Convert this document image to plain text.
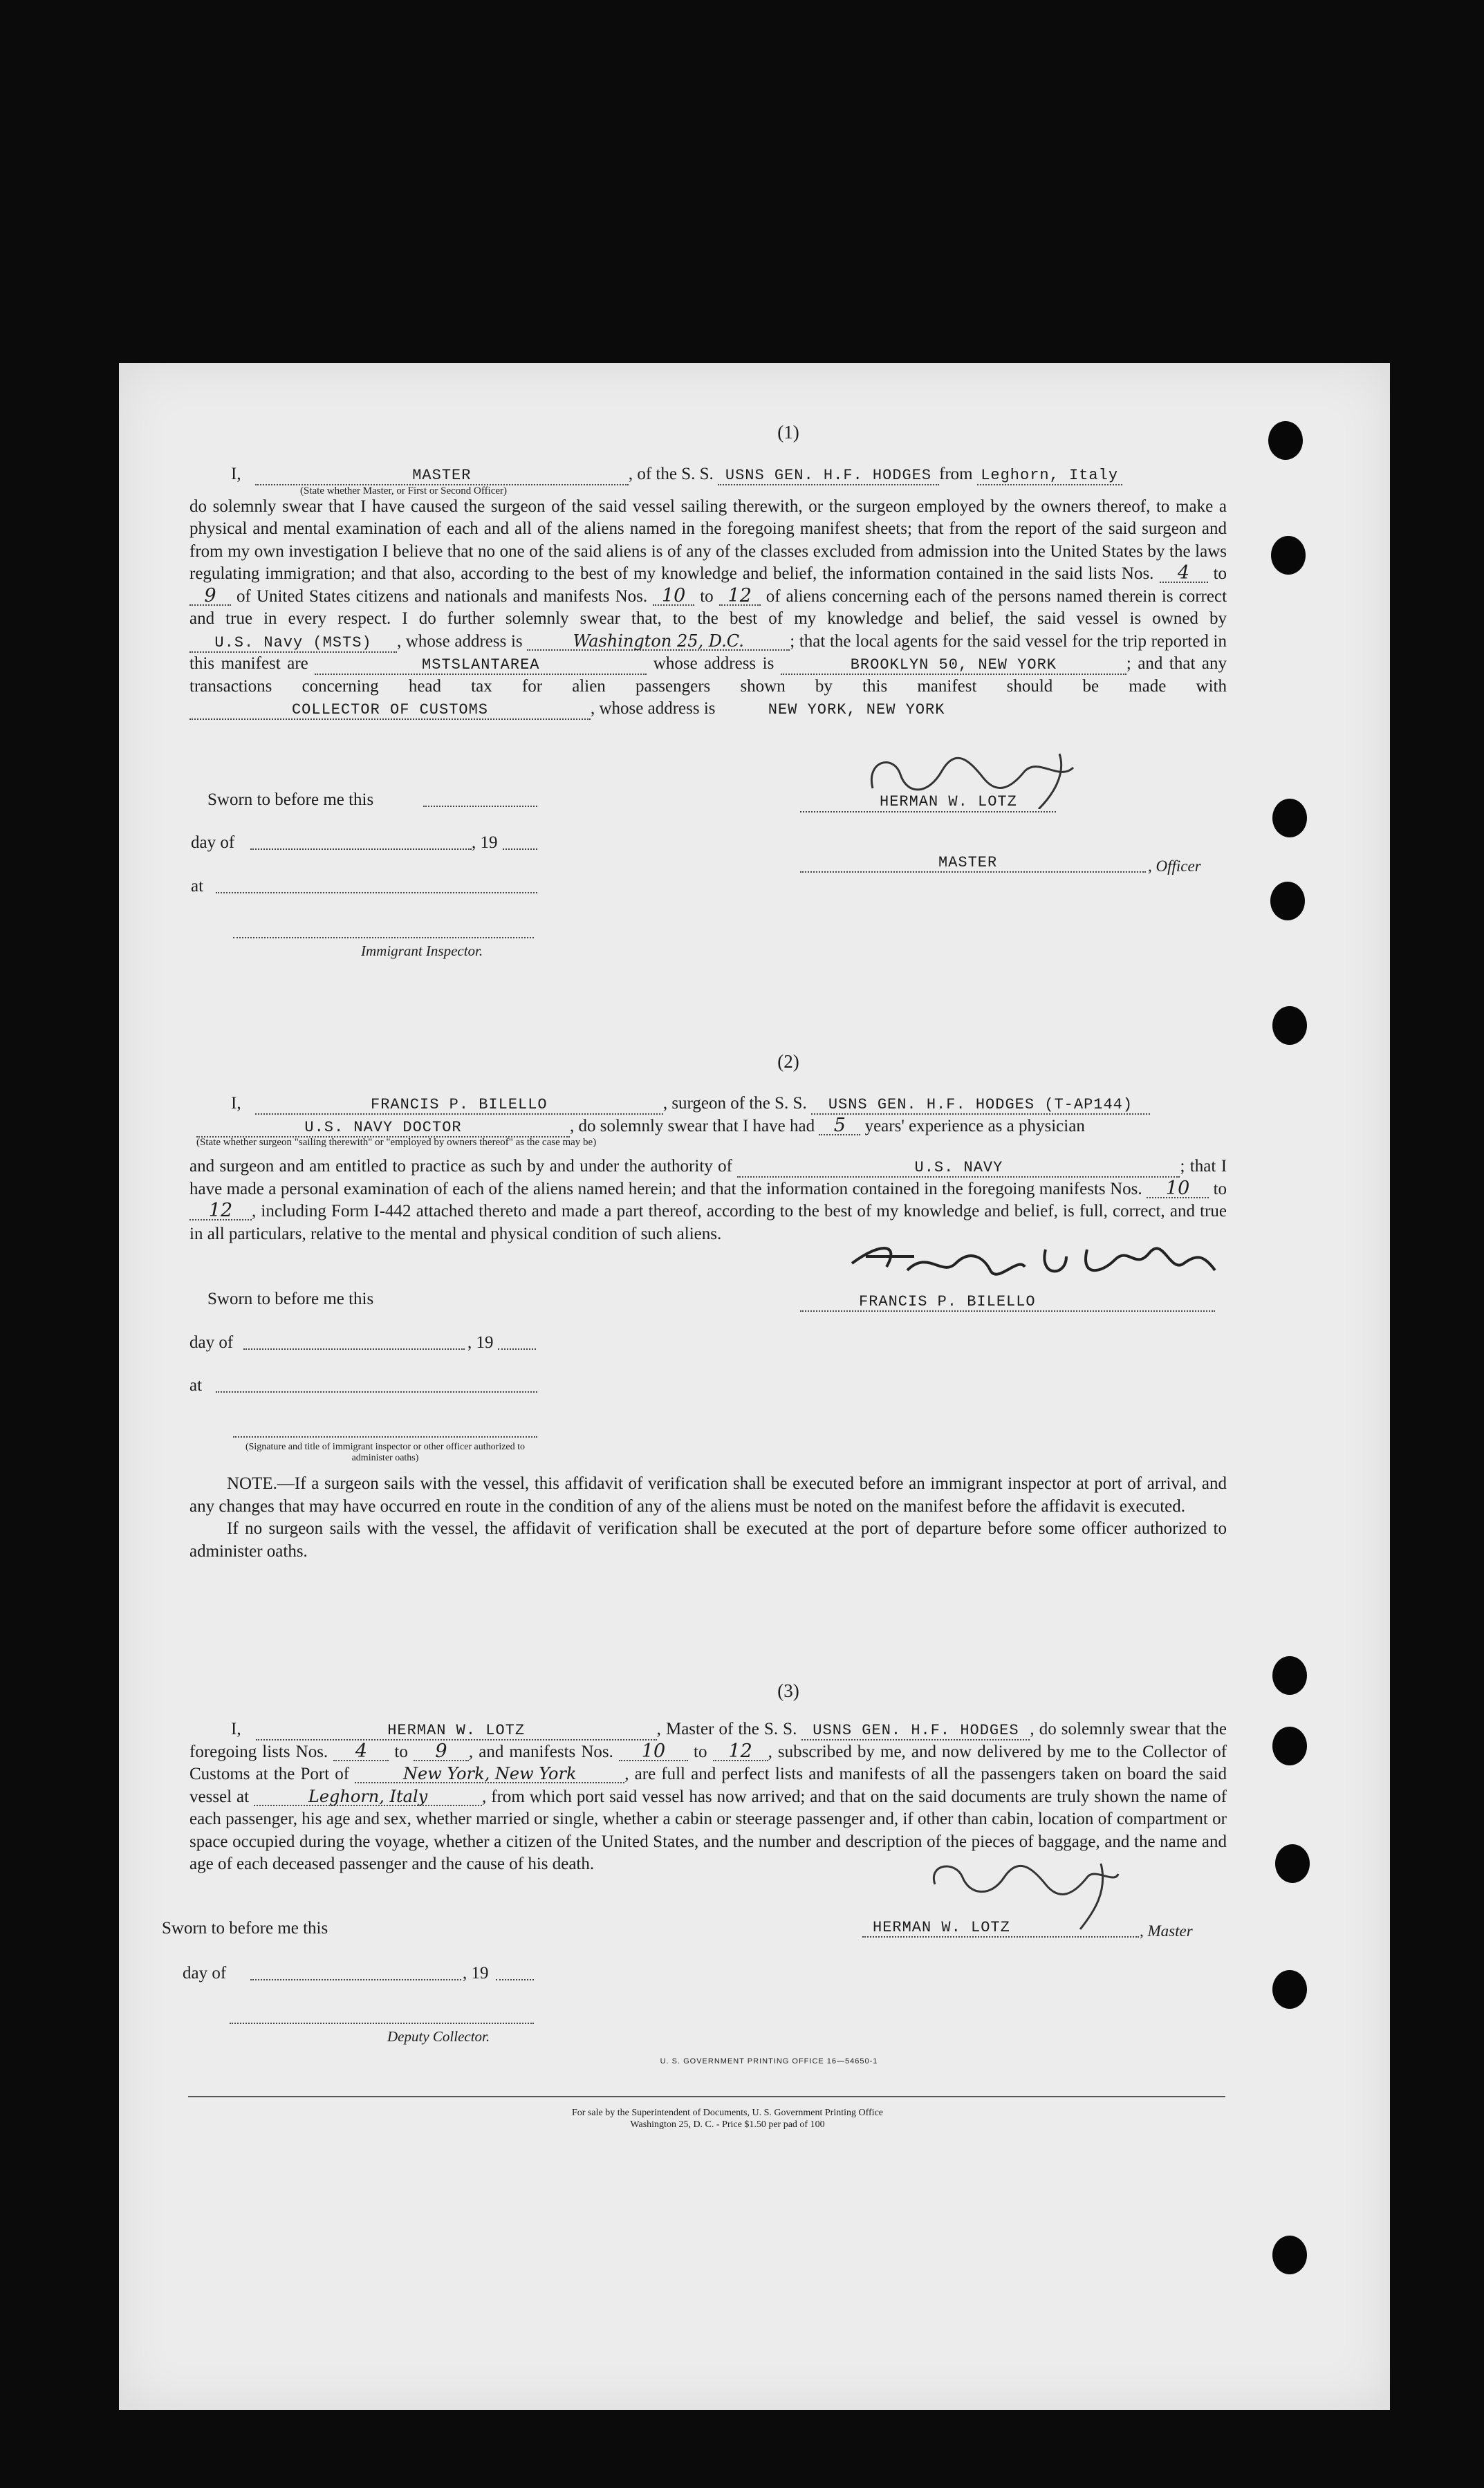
(1)

I,	MASTER	, of the S. S. USNS GEN. H.F. HODGES from Leghorn, Italy

(State whether Master, or First or Second Officer)

do solemnly swear that I have caused the surgeon of the said vessel sailing therewith, or the surgeon employed by the owners thereof, to make a physical and mental examination of each and all of the aliens named in the foregoing manifest sheets; that from the report of the said surgeon and from my own investigation I believe that no one of the said aliens is of any of the classes excluded from admission into the United States by the laws regulating immigration; and that also, according to the best of my knowledge and belief, the information contained in the said lists Nos. 4 to 9 of United States citizens and nationals and manifests Nos. 10 to 12 of aliens concerning each of the persons named therein is correct and true in every respect. I do further solemnly swear that, to the best of my knowledge and belief, the said vessel is owned by U.S. Navy (MSTS) , whose address is	Washington 25, D.C.	; that the local agents for the said vessel for the trip reported in this manifest are	MSTSLANTAREA	whose address is	BROOKLYN 50, NEW YORK	; and that any transactions concerning head tax for alien passengers shown by this manifest should be made with COLLECTOR OF CUSTOMS	, whose address is	NEW YORK, NEW YORK

Sworn to before me this
day of	, 19
at
Immigrant Inspector.
HERMAN W. LOTZ
MASTER	, Officer
(2)

I,	FRANCIS P. BILELLO	, surgeon of the S. S. USNS GEN. H.F. HODGES (T-AP144)

U.S. NAVY DOCTOR	, do solemnly swear that I have had 5 years' experience as a physician

(State whether surgeon "sailing therewith" or "employed by owners thereof" as the case may be)

and surgeon and am entitled to practice as such by and under the authority of	U.S. NAVY	; that I have made a personal examination of each of the aliens named herein; and that the information contained in the foregoing manifests Nos. 10 to 12 , including Form I-442 attached thereto and made a part thereof, according to the best of my knowledge and belief, is full, correct, and true in all particulars, relative to the mental and physical condition of such aliens.

FRANCIS P. BILELLO
Sworn to before me this
day of	, 19
at
(Signature and title of immigrant inspector or other officer authorized to administer oaths)

NOTE.—If a surgeon sails with the vessel, this affidavit of verification shall be executed before an immigrant inspector at port of arrival, and any changes that may have occurred en route in the condition of any of the aliens must be noted on the manifest before the affidavit is executed.

If no surgeon sails with the vessel, the affidavit of verification shall be executed at the port of departure before some officer authorized to administer oaths.

(3)

I,	HERMAN W. LOTZ	, Master of the S. S. USNS GEN. H.F. HODGES , do solemnly swear that the foregoing lists Nos. 4 to 9 , and manifests Nos. 10 to 12 , subscribed by me, and now delivered by me to the Collector of Customs at the Port of	New York, New York	, are full and perfect lists and manifests of all the passengers taken on board the said vessel at	Leghorn, Italy	, from which port said vessel has now arrived; and that on the said documents are truly shown the name of each passenger, his age and sex, whether married or single, whether a cabin or steerage passenger and, if other than cabin, location of compartment or space occupied during the voyage, whether a citizen of the United States, and the number and description of the pieces of baggage, and the name and age of each deceased passenger and the cause of his death.

Sworn to before me this	HERMAN W. LOTZ	, Master
day of	, 19
Deputy Collector.
U. S. GOVERNMENT PRINTING OFFICE 16—54650-1
For sale by the Superintendent of Documents, U. S. Government Printing Office
Washington 25, D. C. - Price $1.50 per pad of 100
